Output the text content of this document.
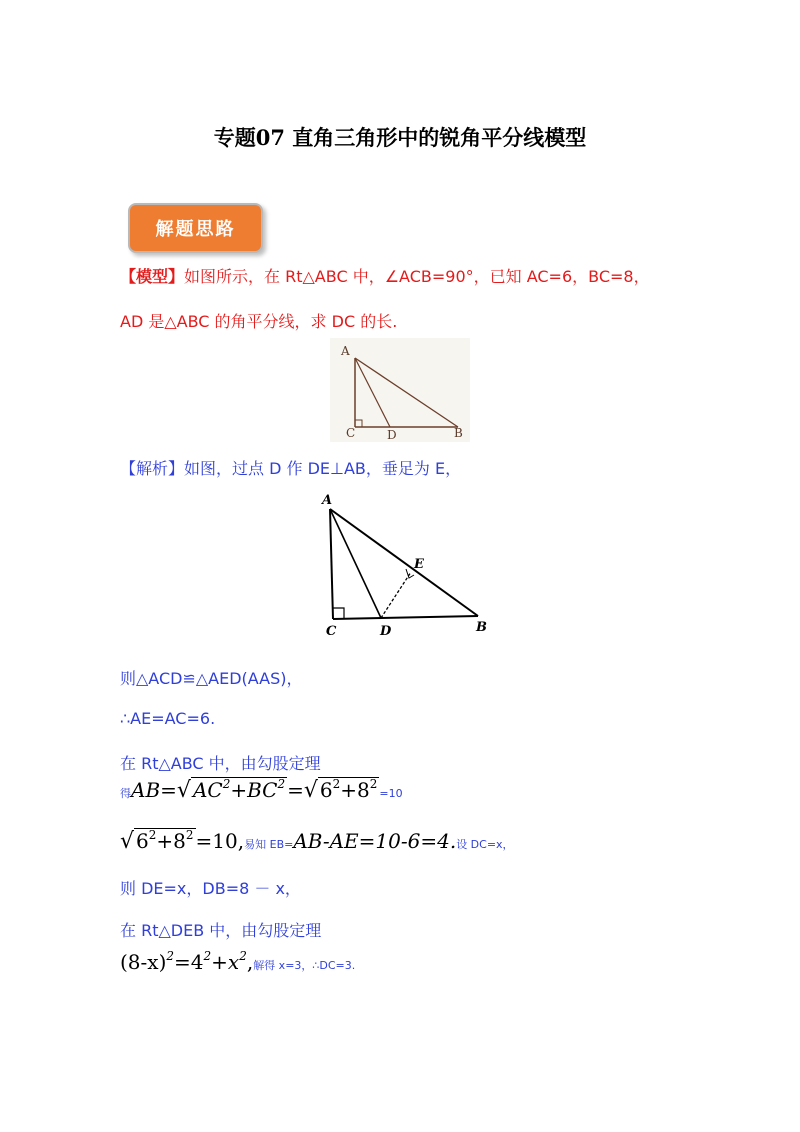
专题07 直角三角形中的锐角平分线模型
解题思路
【模型】如图所示，在 Rt△ABC 中，∠ACB=90°，已知 AC=6，BC=8，
AD 是△ABC 的角平分线，求 DC 的长.
A
C	D	B
【解析】如图，过点 D 作 DE⊥AB，垂足为 E，
A
E
C	D	B
则△ACD≌△AED(AAS)，
∴AE=AC=6.
在 Rt△ABC 中，由勾股定理
得AB=√ $AC^2+BC^2$ =√ $6^2+8^2=10$
√ $6^2+8^2 =10$,易知 EB=AB-AE=10-6=4.设 DC=x，
则 DE=x，DB=8 － x，
在 Rt△DEB 中，由勾股定理
$(8-x)^2=4^2+x^2$,解得 x=3，∴DC=3.
